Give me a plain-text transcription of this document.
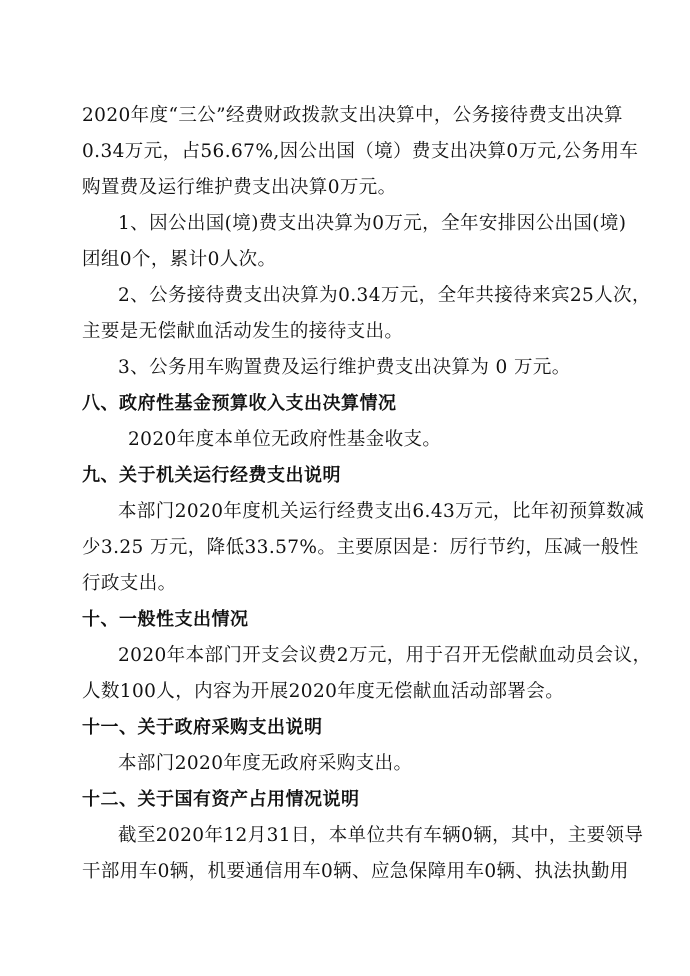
2020年度“三公”经费财政拨款支出决算中，公务接待费支出决算
0.34万元，占56.67%,因公出国（境）费支出决算0万元,公务用车
购置费及运行维护费支出决算0万元。
1、因公出国(境)费支出决算为0万元，全年安排因公出国(境)
团组0个，累计0人次。
2、公务接待费支出决算为0.34万元，全年共接待来宾25人次，
主要是无偿献血活动发生的接待支出。
3、公务用车购置费及运行维护费支出决算为 0 万元。
八、政府性基金预算收入支出决算情况
2020年度本单位无政府性基金收支。
九、关于机关运行经费支出说明
本部门2020年度机关运行经费支出6.43万元，比年初预算数减
少3.25 万元，降低33.57%。主要原因是：厉行节约，压减一般性
行政支出。
十、一般性支出情况
2020年本部门开支会议费2万元，用于召开无偿献血动员会议，
人数100人，内容为开展2020年度无偿献血活动部署会。
十一、关于政府采购支出说明
本部门2020年度无政府采购支出。
十二、关于国有资产占用情况说明
截至2020年12月31日，本单位共有车辆0辆，其中，主要领导
干部用车0辆，机要通信用车0辆、应急保障用车0辆、执法执勤用
